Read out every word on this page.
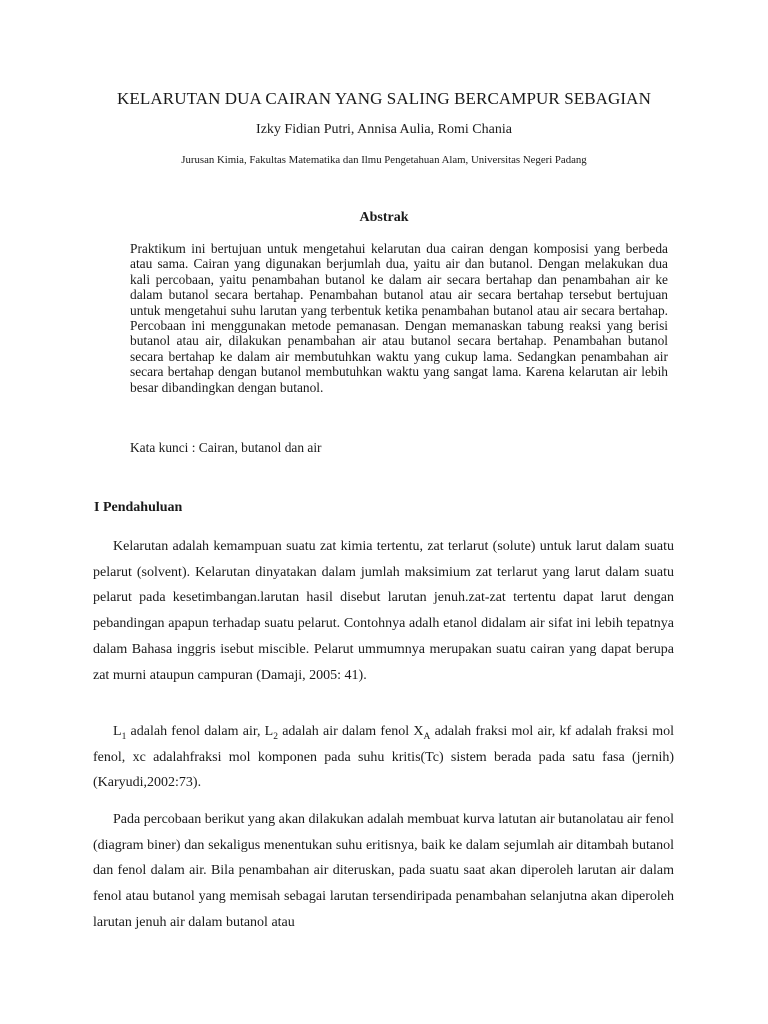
KELARUTAN DUA CAIRAN YANG SALING BERCAMPUR SEBAGIAN
Izky Fidian Putri, Annisa Aulia, Romi Chania
Jurusan Kimia, Fakultas Matematika dan Ilmu Pengetahuan Alam, Universitas Negeri Padang
Abstrak

Praktikum ini bertujuan untuk mengetahui kelarutan dua cairan dengan komposisi yang berbeda atau sama. Cairan yang digunakan berjumlah dua, yaitu air dan butanol. Dengan melakukan dua kali percobaan, yaitu penambahan butanol ke dalam air secara bertahap dan penambahan air ke dalam butanol secara bertahap. Penambahan butanol atau air secara bertahap tersebut bertujuan untuk mengetahui suhu larutan yang terbentuk ketika penambahan butanol atau air secara bertahap. Percobaan ini menggunakan metode pemanasan. Dengan memanaskan tabung reaksi yang berisi butanol atau air, dilakukan penambahan air atau butanol secara bertahap. Penambahan butanol secara bertahap ke dalam air membutuhkan waktu yang cukup lama. Sedangkan penambahan air secara bertahap dengan butanol membutuhkan waktu yang sangat lama. Karena kelarutan air lebih besar dibandingkan dengan butanol.

Kata kunci : Cairan, butanol dan air

I Pendahuluan

Kelarutan adalah kemampuan suatu zat kimia tertentu, zat terlarut (solute) untuk larut dalam suatu pelarut (solvent). Kelarutan dinyatakan dalam jumlah maksimium zat terlarut yang larut dalam suatu pelarut pada kesetimbangan.larutan hasil disebut larutan jenuh.zat-zat tertentu dapat larut dengan pebandingan apapun terhadap suatu pelarut. Contohnya adalh etanol didalam air sifat ini lebih tepatnya dalam Bahasa inggris isebut miscible. Pelarut ummumnya merupakan suatu cairan yang dapat berupa zat murni ataupun campuran (Damaji, 2005: 41).

$L_1$ adalah fenol dalam air, $L_2$ adalah air dalam fenol $X_A$ adalah fraksi mol air, kf adalah fraksi mol fenol, xc adalahfraksi mol komponen pada suhu kritis(Tc) sistem berada pada satu fasa (jernih) (Karyudi,2002:73).

Pada percobaan berikut yang akan dilakukan adalah membuat kurva latutan air butanolatau air fenol (diagram biner) dan sekaligus menentukan suhu eritisnya, baik ke dalam sejumlah air ditambah butanol dan fenol dalam air. Bila penambahan air diteruskan, pada suatu saat akan diperoleh larutan air dalam fenol atau butanol yang memisah sebagai larutan tersendiripada penambahan selanjutna akan diperoleh larutan jenuh air dalam butanol atau
